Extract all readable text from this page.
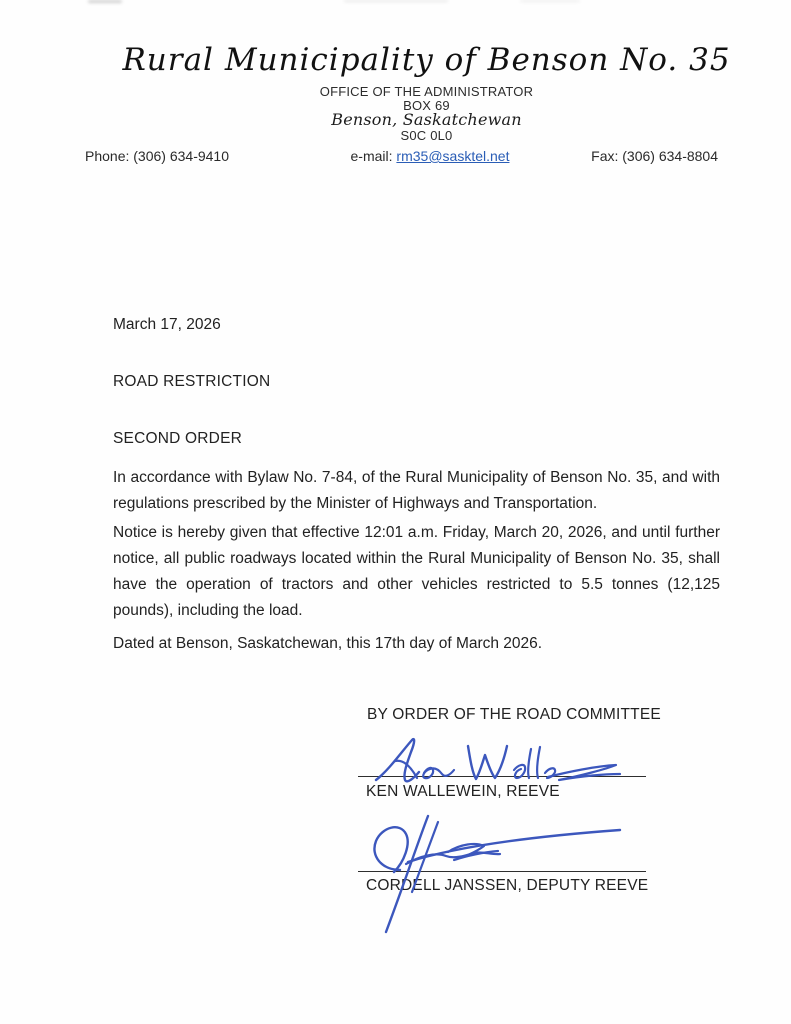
Rural Municipality of Benson No. 35
OFFICE OF THE ADMINISTRATOR
BOX 69
Benson, Saskatchewan
S0C 0L0
Phone: (306) 634-9410	e-mail: rm35@sasktel.net	Fax: (306) 634-8804
March 17, 2026
ROAD RESTRICTION
SECOND ORDER

In accordance with Bylaw No. 7-84, of the Rural Municipality of Benson No. 35, and with regulations prescribed by the Minister of Highways and Transportation.

Notice is hereby given that effective 12:01 a.m. Friday, March 20, 2026, and until further notice, all public roadways located within the Rural Municipality of Benson No. 35, shall have the operation of tractors and other vehicles restricted to 5.5 tonnes (12,125 pounds), including the load.

Dated at Benson, Saskatchewan, this 17th day of March 2026.
BY ORDER OF THE ROAD COMMITTEE
KEN WALLEWEIN, REEVE
CORDELL JANSSEN, DEPUTY REEVE
